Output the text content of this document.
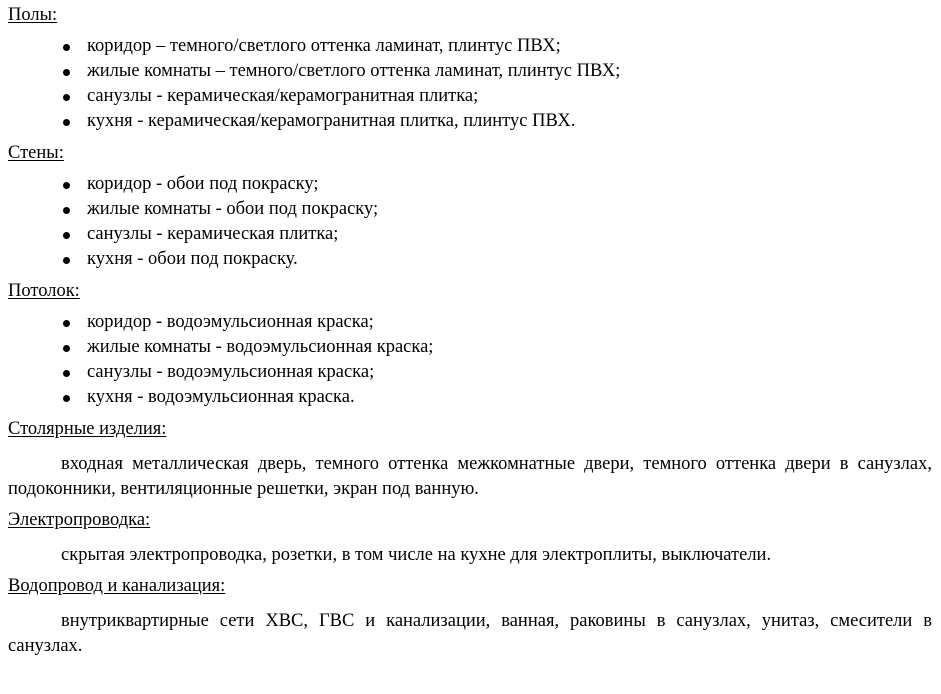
Полы:
коридор – темного/светлого оттенка ламинат, плинтус ПВХ;
жилые комнаты – темного/светлого оттенка ламинат, плинтус ПВХ;
санузлы - керамическая/керамогранитная плитка;
кухня - керамическая/керамогранитная плитка, плинтус ПВХ.
Стены:
коридор - обои под покраску;
жилые комнаты - обои под покраску;
санузлы - керамическая плитка;
кухня - обои под покраску.
Потолок:
коридор - водоэмульсионная краска;
жилые комнаты - водоэмульсионная краска;
санузлы - водоэмульсионная краска;
кухня - водоэмульсионная краска.
Столярные изделия:
входная металлическая дверь, темного оттенка межкомнатные двери, темного оттенка двери в санузлах, подоконники, вентиляционные решетки, экран под ванную.
Электропроводка:
скрытая электропроводка, розетки, в том числе на кухне для электроплиты, выключатели.
Водопровод и канализация:
внутриквартирные сети ХВС, ГВС и канализации, ванная, раковины в санузлах, унитаз, смесители в санузлах.
